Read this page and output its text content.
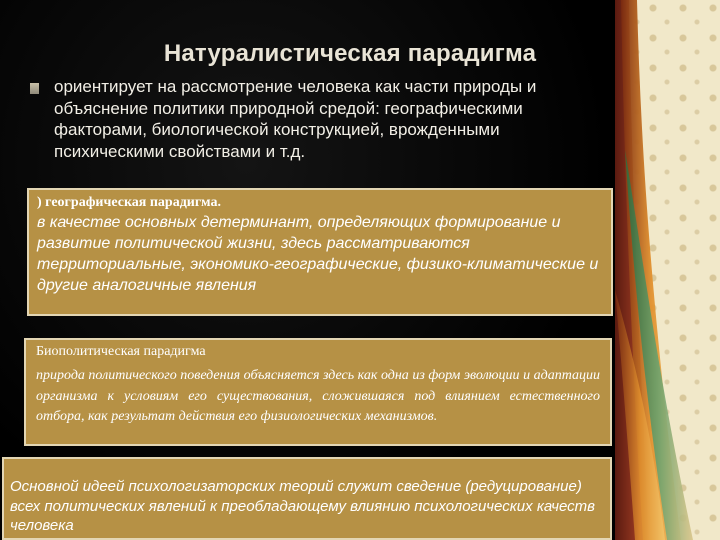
Натуралистическая парадигма
ориентирует на рассмотрение человека как части природы и объяснение политики природной средой: географическими факторами, биологической конструкцией, врожденными психическими свойствами и т.д.
) географическая парадигма.
в качестве основных детерминант, определяющих формирование и развитие политической жизни, здесь рассматриваются территориальные, экономико-географические, физико-климатические и другие аналогичные явления
Биополитическая парадигма
природа политического поведения объясняется здесь как одна из форм эволюции и адаптации организма к условиям его существования, сложившаяся под влиянием естественного отбора, как результат действия его физиологических механизмов.
Основной идеей психологизаторских теорий служит сведение (редуцирование) всех политических явлений к преобладающему влиянию психологических качеств человека
